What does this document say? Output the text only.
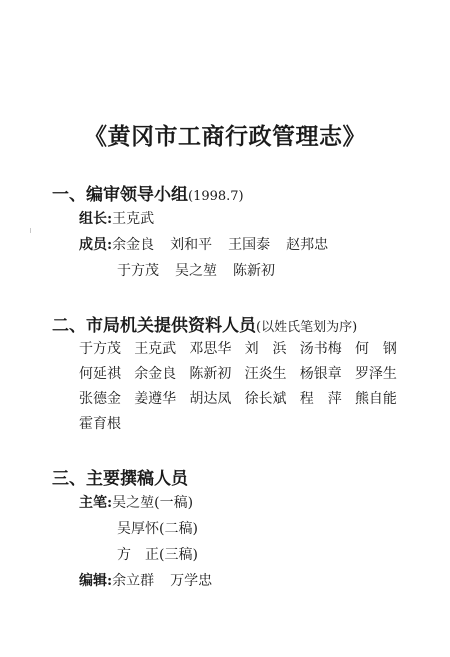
《黄冈市工商行政管理志》
一、编审领导小组(1998.7)
组长:王克武
成员:余金良 刘和平 王国泰 赵邦忠
于方茂 吴之堃 陈新初
二、市局机关提供资料人员(以姓氏笔划为序)
于方茂 王克武 邓思华 刘　浜 汤书梅 何　钢
何延祺 余金良 陈新初 汪炎生 杨银章 罗泽生
张德金 姜遵华 胡达凤 徐长斌 程　萍 熊自能
霍育根
三、主要撰稿人员
主笔:吴之堃(一稿)
吴厚怀(二稿)
方　正(三稿)
编辑:余立群 万学忠
